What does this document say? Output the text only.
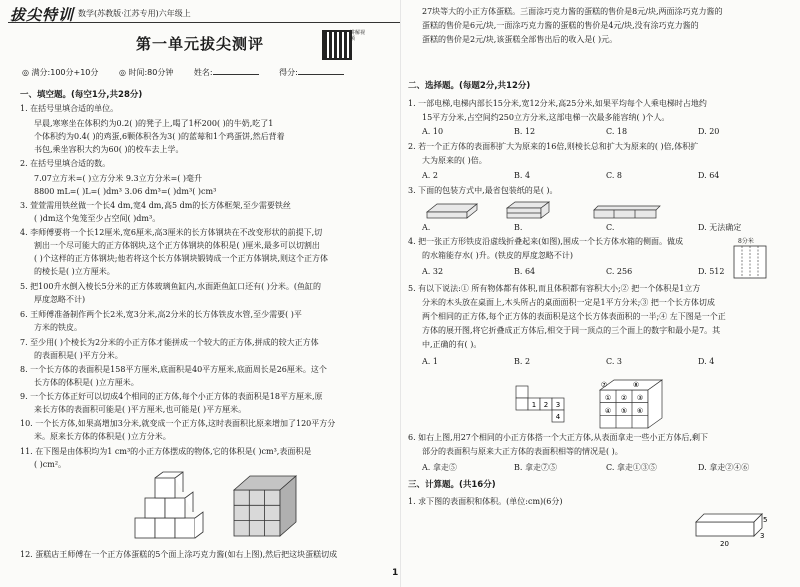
拔尖特训 数学(苏教版·江苏专用)六年级上
第一单元拔尖测评
讲解视频
◎ 满分:100分+10分	◎ 时间:80分钟	姓名:	得分:
一、填空题。(每空1分,共28分)
1. 在括号里填合适的单位。
早晨,寒寒坐在体积约为0.2( )的凳子上,喝了1杯200( )的牛奶,吃了1
个体积约为0.4( )的鸡蛋,6颗体积各为3( )的蓝莓和1个鸡蛋饼,然后背着
书包,乘坐容积大约为60( )的校车去上学。
2. 在括号里填合适的数。
7.07立方米=( )立方分米 9.3立方分米=( )毫升
8800 mL=( )L=( )dm³ 3.06 dm³=( )dm³( )cm³
3. 萱萱需用铁丝做一个长4 dm,宽4 dm,高5 dm的长方体框架,至少需要铁丝
( )dm这个兔笼至少占空间( )dm³。
4. 李师傅要将一个长12厘米,宽6厘米,高3厘米的长方体钢块在不改变形状的前提下,切
割出一个尽可能大的正方体钢块,这个正方体钢块的体积是( )厘米,最多可以切割出
( )个这样的正方体钢块;他若将这个长方体钢块锻铸成一个正方体钢块,则这个正方体
的棱长是( )立方厘米。
5. 把100升水倒入棱长5分米的正方体玻璃鱼缸内,水面距鱼缸口还有( )分米。(鱼缸的
厚度忽略不计)
6. 王师傅准备制作两个长2米,宽3分米,高2分米的长方体铁皮水管,至少需要( )平
方米的铁皮。
7. 至少用( )个棱长为2分米的小正方体才能拼成一个较大的正方体,拼成的较大正方体
的表面积是( )平方分米。
8. 一个长方体的表面积是158平方厘米,底面积是40平方厘米,底面周长是26厘米。这个
长方体的体积是( )立方厘米。
9. 一个长方体正好可以切成4个相同的正方体,每个小正方体的表面积是18平方厘米,原
来长方体的表面积可能是( )平方厘米,也可能是( )平方厘米。
10. 一个长方体,如果高增加3分米,就变成一个正方体,这时表面积比原来增加了120平方分
米。原来长方体的体积是( )立方分米。
11. 在下图是由体积均为1 cm³的小正方体摆成的物体,它的体积是( )cm³,表面积是
( )cm²。
12. 蛋糕店王师傅在一个正方体蛋糕的5个面上涂巧克力酱(如右上图),然后把这块蛋糕切成
27块等大的小正方体蛋糕。三面涂巧克力酱的蛋糕的售价是8元/块,两面涂巧克力酱的
蛋糕的售价是6元/块,一面涂巧克力酱的蛋糕的售价是4元/块,没有涂巧克力酱的
蛋糕的售价是2元/块,该蛋糕全部售出后的收入是( )元。
二、选择题。(每题2分,共12分)
1. 一部电梯,电梯内部长15分米,宽12分米,高25分米,如果平均每个人乘电梯时占地约
15平方分米,占空间约250立方分米,这部电梯一次最多能容纳( )个人。
A. 10	B. 12	C. 18	D. 20
2. 若一个正方体的表面积扩大为原来的16倍,则棱长总和扩大为原来的( )倍,体积扩
大为原来的( )倍。
A. 2	B. 4	C. 8	D. 64
3. 下面的包装方式中,最省包装纸的是( )。
A.	B.	C.	D. 无法确定
4. 把一张正方形铁皮沿虚线折叠起来(如图),围成一个长方体水箱的侧面。做成
的水箱能存水( )升。(铁皮的厚度忽略不计)
A. 32	B. 64	C. 256	D. 512
5. 有以下说法:① 所有物体都有体积,而且体积都有容积大小;② 把一个体积是1立方
分米的木头放在桌面上,木头所占的桌面面积一定是1平方分米;③ 把一个长方体切成
两个相同的正方体,每个正方体的表面积是这个长方体表面积的一半;④ 左下图是一个正
方体的展开图,将它折叠成正方体后,相交于同一顶点的三个面上的数字和最小是7。其
中,正确的有( )。
A. 1	B. 2	C. 3	D. 4
6. 如右上图,用27个相同的小正方体搭一个大正方体,从表面拿走一些小正方体后,剩下
部分的表面积与原来大正方体的表面积相等的情况是( )。
A. 拿走⑤	B. 拿走⑦⑤	C. 拿走①③⑤	D. 拿走②④⑥
三、计算题。(共16分)
1. 求下图的表面积和体积。(单位:cm)(6分)
8分米
1 2 3
4
⑦	⑧
① ② ③
④ ⑤ ⑥
20
5
3
1
